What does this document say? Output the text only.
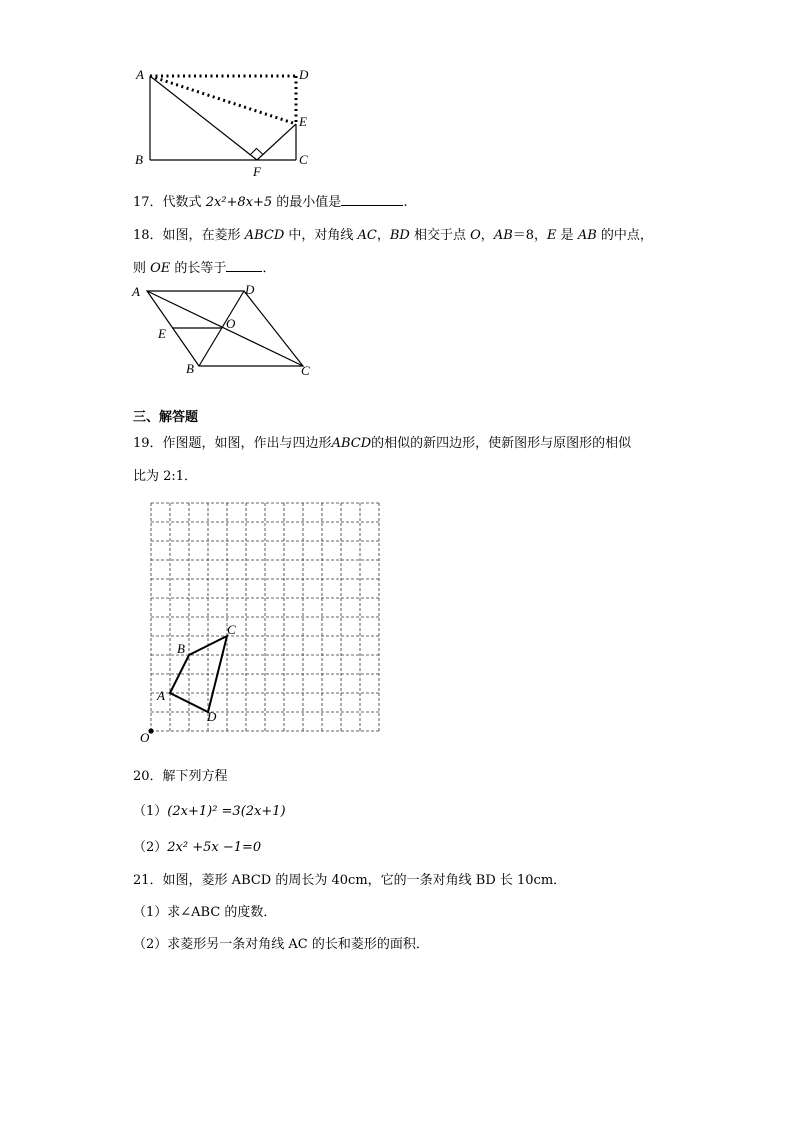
A	D
E
B
F
C
17．代数式 2x²+8x+5 的最小值是	.
18．如图，在菱形 ABCD 中，对角线 AC，BD 相交于点 O，AB＝8，E 是 AB 的中点，
则 OE 的长等于	．
A	D
E
O
B	C
三、解答题
19．作图题，如图，作出与四边形ABCD的相似的新四边形，使新图形与原图形的相似
比为 2:1．
A
B
C
D
O
20．解下列方程
（1）(2x+1)² =3(2x+1)
（2）2x² +5x −1=0
21．如图，菱形 ABCD 的周长为 40cm，它的一条对角线 BD 长 10cm．
（1）求∠ABC 的度数．
（2）求菱形另一条对角线 AC 的长和菱形的面积．
